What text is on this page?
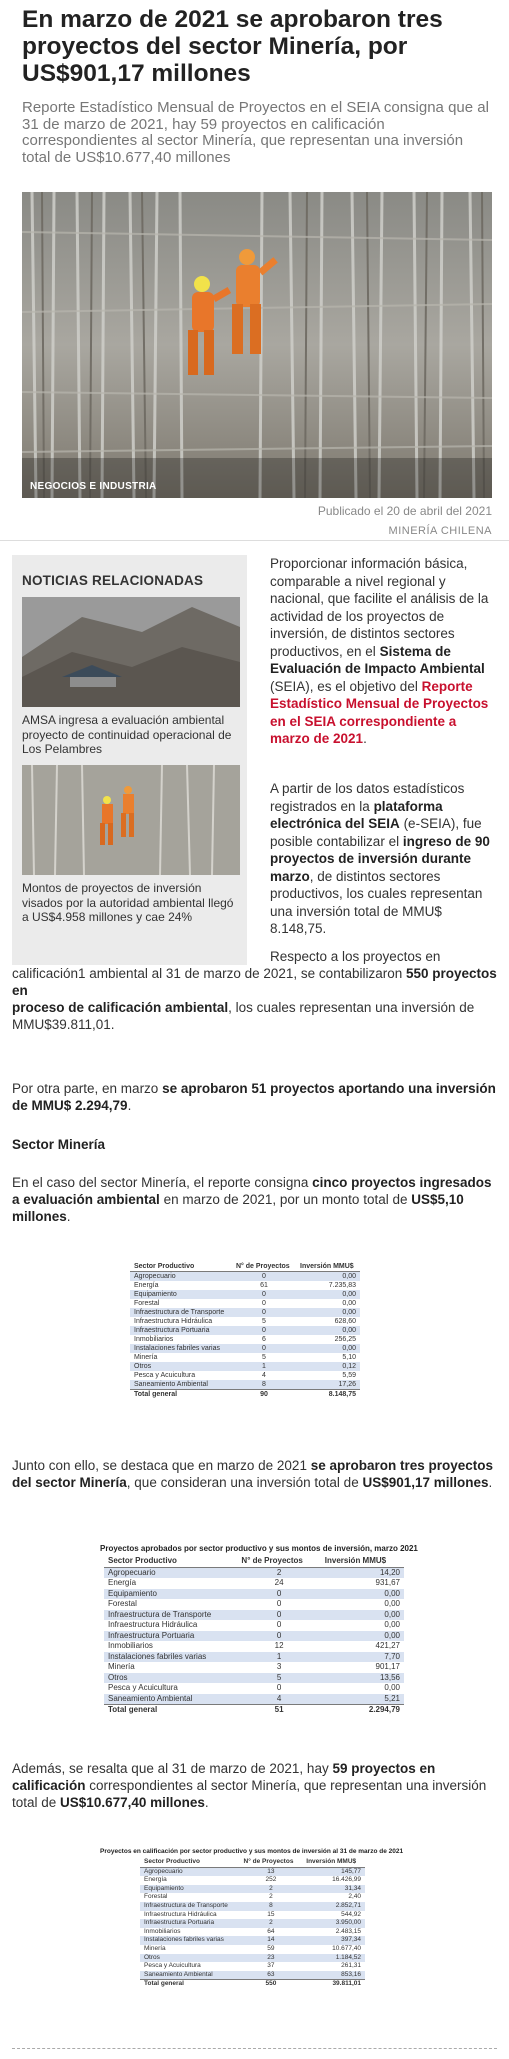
En marzo de 2021 se aprobaron tres proyectos del sector Minería, por US$901,17 millones

Reporte Estadístico Mensual de Proyectos en el SEIA consigna que al 31 de marzo de 2021, hay 59 proyectos en calificación correspondientes al sector Minería, que representan una inversión total de US$10.677,40 millones

NEGOCIOS E INDUSTRIA
Publicado el 20 de abril del 2021
MINERÍA CHILENA
NOTICIAS RELACIONADAS

AMSA ingresa a evaluación ambiental proyecto de continuidad operacional de Los Pelambres

Montos de proyectos de inversión visados por la autoridad ambiental llegó a US$4.958 millones y cae 24%

Proporcionar información básica, comparable a nivel regional y nacional, que facilite el análisis de la actividad de los proyectos de inversión, de distintos sectores productivos, en el Sistema de Evaluación de Impacto Ambiental (SEIA), es el objetivo del Reporte Estadístico Mensual de Proyectos en el SEIA correspondiente a marzo de 2021.

A partir de los datos estadísticos registrados en la plataforma electrónica del SEIA (e-SEIA), fue posible contabilizar el ingreso de 90 proyectos de inversión durante marzo, de distintos sectores productivos, los cuales representan una inversión total de MMU$ 8.148,75.

Respecto a los proyectos en

calificación1 ambiental al 31 de marzo de 2021, se contabilizaron 550 proyectos en
proceso de calificación ambiental, los cuales representan una inversión de MMU$39.811,01.

Por otra parte, en marzo se aprobaron 51 proyectos aportando una inversión de MMU$ 2.294,79.

Sector Minería

En el caso del sector Minería, el reporte consigna cinco proyectos ingresados a evaluación ambiental en marzo de 2021, por un monto total de US$5,10 millones.

Sector Productivo	N° de Proyectos	Inversión MMU$
Agropecuario	0	0,00
Energía	61	7.235,83
Equipamiento	0	0,00
Forestal	0	0,00
Infraestructura de Transporte	0	0,00
Infraestructura Hidráulica	5	628,60
Infraestructura Portuaria	0	0,00
Inmobiliarios	6	256,25
Instalaciones fabriles varias	0	0,00
Minería	5	5,10
Otros	1	0,12
Pesca y Acuicultura	4	5,59
Saneamiento Ambiental	8	17,26
Total general	90	8.148,75

Junto con ello, se destaca que en marzo de 2021 se aprobaron tres proyectos del sector Minería, que consideran una inversión total de US$901,17 millones.

Proyectos aprobados por sector productivo y sus montos de inversión, marzo 2021
Sector Productivo	N° de Proyectos	Inversión MMU$
Agropecuario	2	14,20
Energía	24	931,67
Equipamiento	0	0,00
Forestal	0	0,00
Infraestructura de Transporte	0	0,00
Infraestructura Hidráulica	0	0,00
Infraestructura Portuaria	0	0,00
Inmobiliarios	12	421,27
Instalaciones fabriles varias	1	7,70
Minería	3	901,17
Otros	5	13,56
Pesca y Acuicultura	0	0,00
Saneamiento Ambiental	4	5,21
Total general	51	2.294,79

Además, se resalta que al 31 de marzo de 2021, hay 59 proyectos en calificación correspondientes al sector Minería, que representan una inversión total de US$10.677,40 millones.

Proyectos en calificación por sector productivo y sus montos de inversión al 31 de marzo de 2021
Sector Productivo	N° de Proyectos	Inversión MMU$
Agropecuario	13	145,77
Energía	252	16.426,99
Equipamiento	2	31,34
Forestal	2	2,40
Infraestructura de Transporte	8	2.852,71
Infraestructura Hidráulica	15	544,92
Infraestructura Portuaria	2	3.950,00
Inmobiliarios	64	2.483,15
Instalaciones fabriles varias	14	397,34
Minería	59	10.677,40
Otros	23	1.184,52
Pesca y Acuicultura	37	261,31
Saneamiento Ambiental	63	853,16
Total general	550	39.811,01
